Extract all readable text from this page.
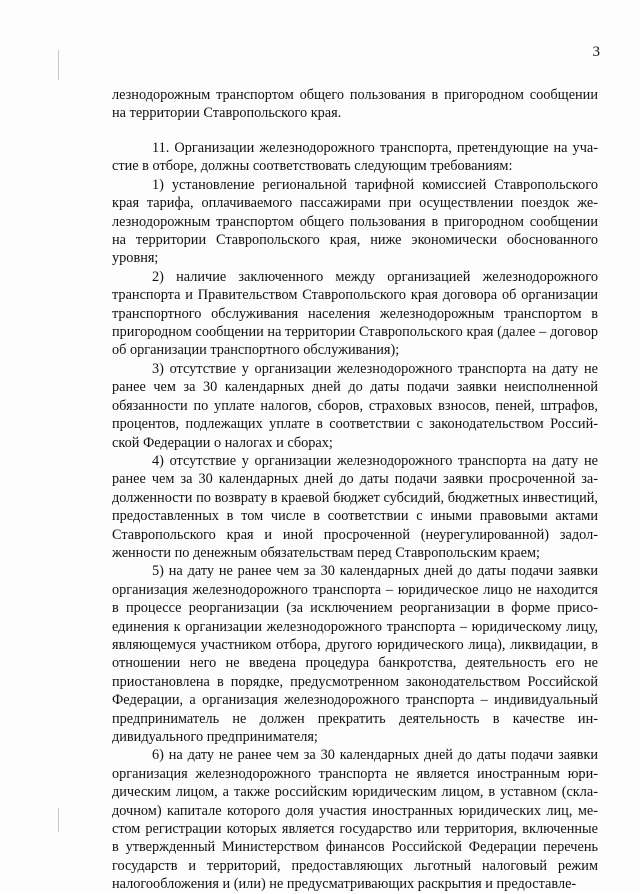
3

лезнодорожным транспортом общего пользования в пригородном сообщении на территории Ставропольского края.

11. Организации железнодорожного транспорта, претендующие на участие в отборе, должны соответствовать следующим требованиям:

1) установление региональной тарифной комиссией Ставропольского края тарифа, оплачиваемого пассажирами при осуществлении поездок железнодорожным транспортом общего пользования в пригородном сообщении на территории Ставропольского края, ниже экономически обоснованного уровня;

2) наличие заключенного между организацией железнодорожного транспорта и Правительством Ставропольского края договора об организации транспортного обслуживания населения железнодорожным транспортом в пригородном сообщении на территории Ставропольского края (далее – договор об организации транспортного обслуживания);

3) отсутствие у организации железнодорожного транспорта на дату не ранее чем за 30 календарных дней до даты подачи заявки неисполненной обязанности по уплате налогов, сборов, страховых взносов, пеней, штрафов, процентов, подлежащих уплате в соответствии с законодательством Российской Федерации о налогах и сборах;

4) отсутствие у организации железнодорожного транспорта на дату не ранее чем за 30 календарных дней до даты подачи заявки просроченной задолженности по возврату в краевой бюджет субсидий, бюджетных инвестиций, предоставленных в том числе в соответствии с иными правовыми актами Ставропольского края и иной просроченной (неурегулированной) задолженности по денежным обязательствам перед Ставропольским краем;

5) на дату не ранее чем за 30 календарных дней до даты подачи заявки организация железнодорожного транспорта – юридическое лицо не находится в процессе реорганизации (за исключением реорганизации в форме присоединения к организации железнодорожного транспорта – юридическому лицу, являющемуся участником отбора, другого юридического лица), ликвидации, в отношении него не введена процедура банкротства, деятельность его не приостановлена в порядке, предусмотренном законодательством Российской Федерации, а организация железнодорожного транспорта – индивидуальный предприниматель не должен прекратить деятельность в качестве индивидуального предпринимателя;

6) на дату не ранее чем за 30 календарных дней до даты подачи заявки организация железнодорожного транспорта не является иностранным юридическим лицом, а также российским юридическим лицом, в уставном (складочном) капитале которого доля участия иностранных юридических лиц, местом регистрации которых является государство или территория, включенные в утвержденный Министерством финансов Российской Федерации перечень государств и территорий, предоставляющих льготный налоговый режим налогообложения и (или) не предусматривающих раскрытия и предоставле-
